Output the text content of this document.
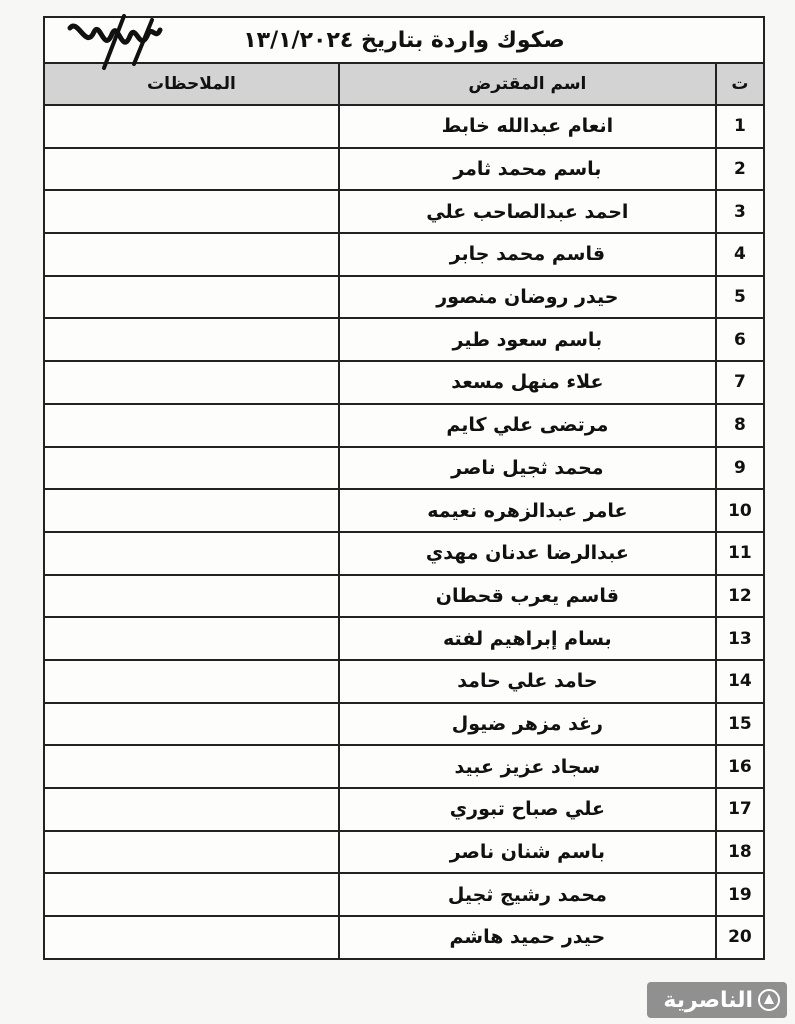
صكوك واردة بتاريخ ١٣/١/٢٠٢٤		
ت	اسم المقترض	الملاحظات
1	انعام عبدالله خابط	
2	باسم محمد ثامر	
3	احمد عبدالصاحب علي	
4	قاسم محمد جابر	
5	حيدر روضان منصور	
6	باسم سعود طير	
7	علاء منهل مسعد	
8	مرتضى علي كايم	
9	محمد ثجيل ناصر	
10	عامر عبدالزهره نعيمه	
11	عبدالرضا عدنان مهدي	
12	قاسم يعرب قحطان	
13	بسام إبراهيم لفته	
14	حامد علي حامد	
15	رغد مزهر ضيول	
16	سجاد عزيز عبيد	
17	علي صباح تبوري	
18	باسم شنان ناصر	
19	محمد رشيج ثجيل	
20	حيدر حميد هاشم	
الناصرية
